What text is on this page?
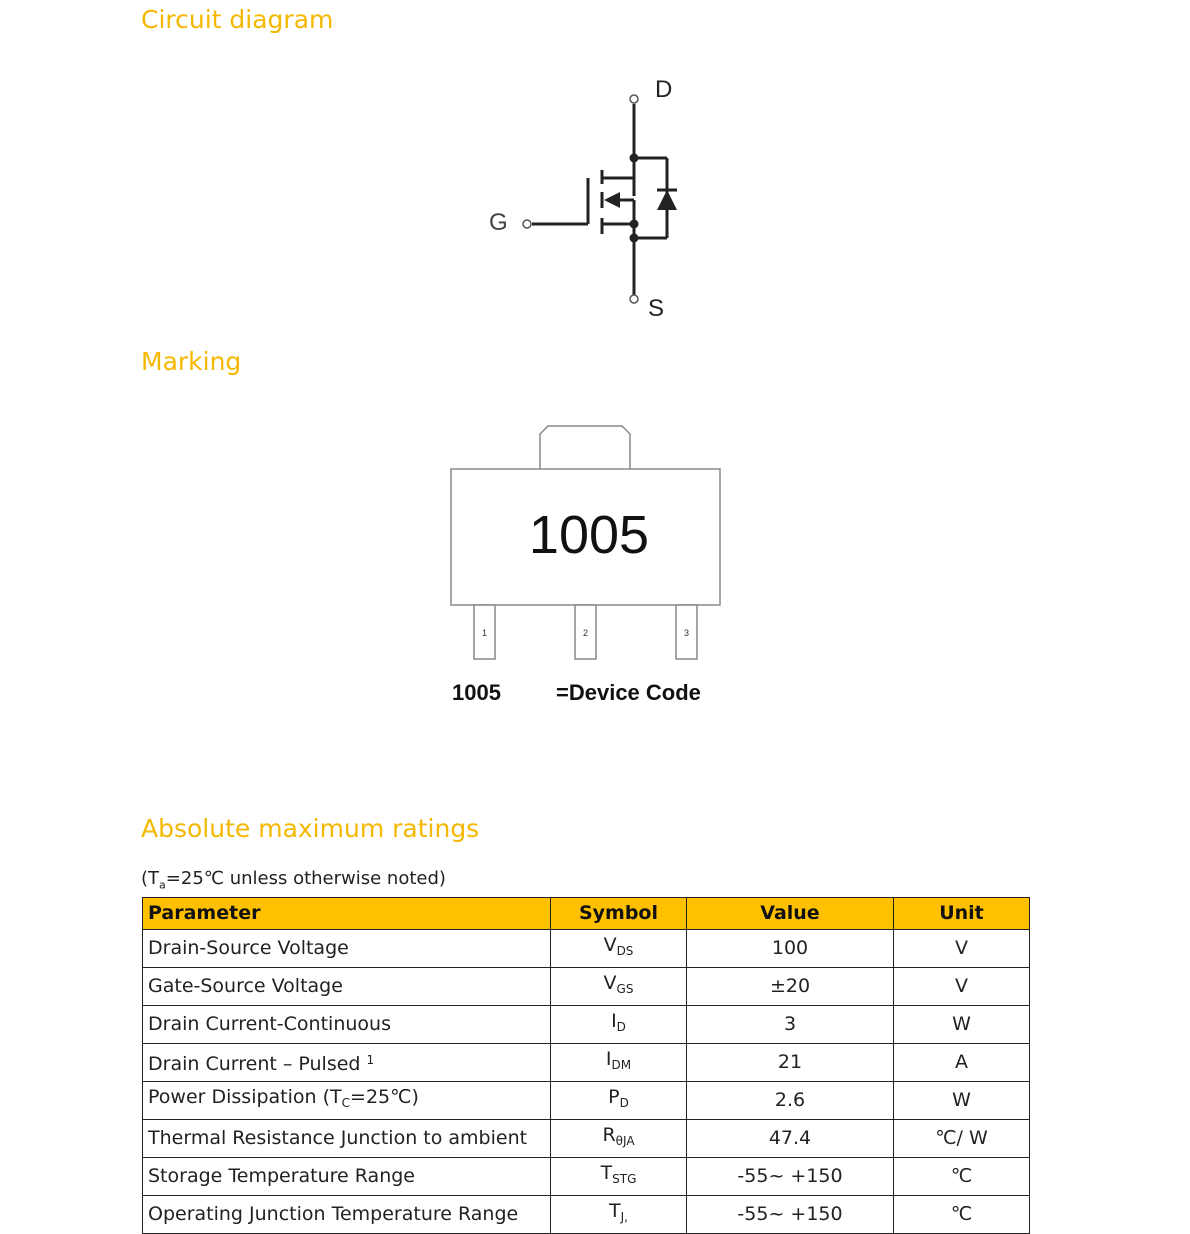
Circuit diagram
Marking
Absolute maximum ratings
D
G
S
1005
1	2	3
1005	=Device Code
($T_a=25℃$ unless otherwise noted)
Parameter	Symbol	Value	Unit
Drain-Source Voltage	$V_{DS}$	100	V
Gate-Source Voltage	$V_{GS}$	±20	V
Drain Current-Continuous	$I_D$	3	W
Drain Current – Pulsed $^1$	$I_{DM}$	21	A
Power Dissipation $(T_C=25℃)$	$P_D$	2.6	W
Thermal Resistance Junction to ambient	$R_{\theta JA}$	47.4	℃/ W
Storage Temperature Range	$T_{STG}$	-55~ +150	℃
Operating Junction Temperature Range	$T_{J,}$	-55~ +150	℃
